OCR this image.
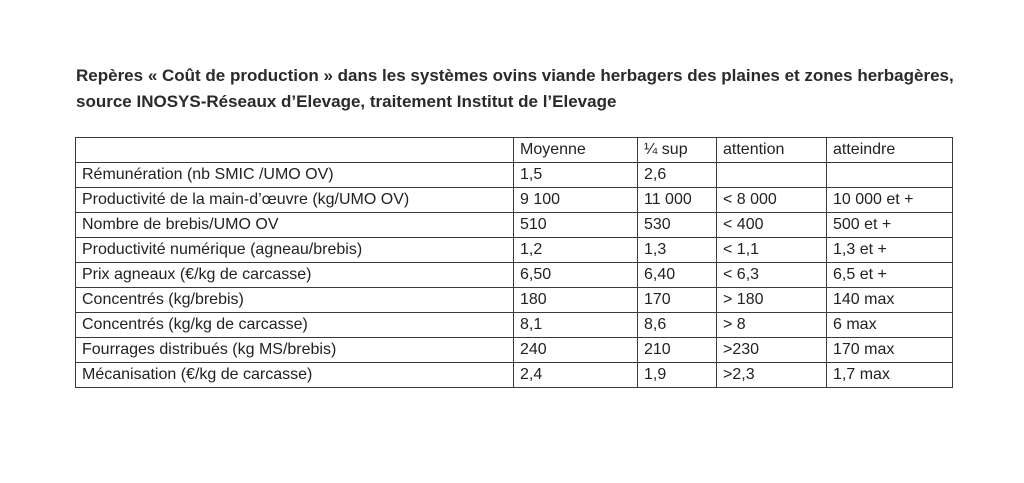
Repères « Coût de production » dans les systèmes ovins viande herbagers des plaines et zones herbagères, source INOSYS-Réseaux d’Elevage, traitement Institut de l’Elevage

	Moyenne	¼ sup	attention	atteindre
Rémunération (nb SMIC /UMO OV)	1,5	2,6		
Productivité de la main-d’œuvre (kg/UMO OV)	9 100	11 000	< 8 000	10 000 et +
Nombre de brebis/UMO OV	510	530	< 400	500 et +
Productivité numérique (agneau/brebis)	1,2	1,3	< 1,1	1,3 et +
Prix agneaux (€/kg de carcasse)	6,50	6,40	< 6,3	6,5 et +
Concentrés (kg/brebis)	180	170	> 180	140 max
Concentrés (kg/kg de carcasse)	8,1	8,6	> 8	6 max
Fourrages distribués (kg MS/brebis)	240	210	>230	170 max
Mécanisation (€/kg de carcasse)	2,4	1,9	>2,3	1,7 max
